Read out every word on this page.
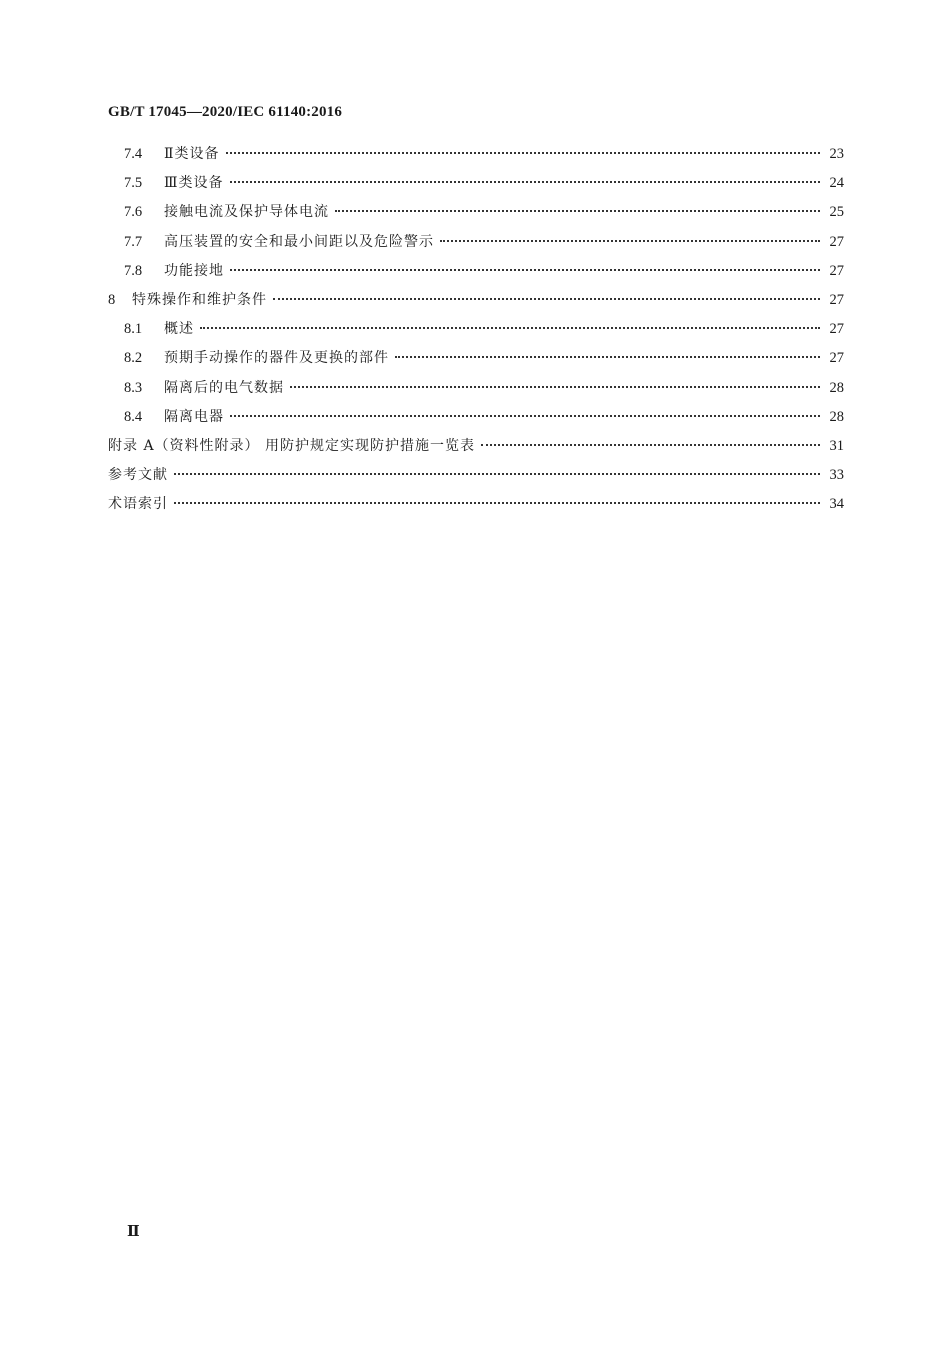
GB/T 17045—2020/IEC 61140:2016
7.4	Ⅱ类设备	23
7.5	Ⅲ类设备	24
7.6	接触电流及保护导体电流	25
7.7	高压装置的安全和最小间距以及危险警示	27
7.8	功能接地	27
8	特殊操作和维护条件	27
8.1	概述	27
8.2	预期手动操作的器件及更换的部件	27
8.3	隔离后的电气数据	28
8.4	隔离电器	28
附录 A（资料性附录） 用防护规定实现防护措施一览表	31
参考文献	33
术语索引	34
Ⅱ
